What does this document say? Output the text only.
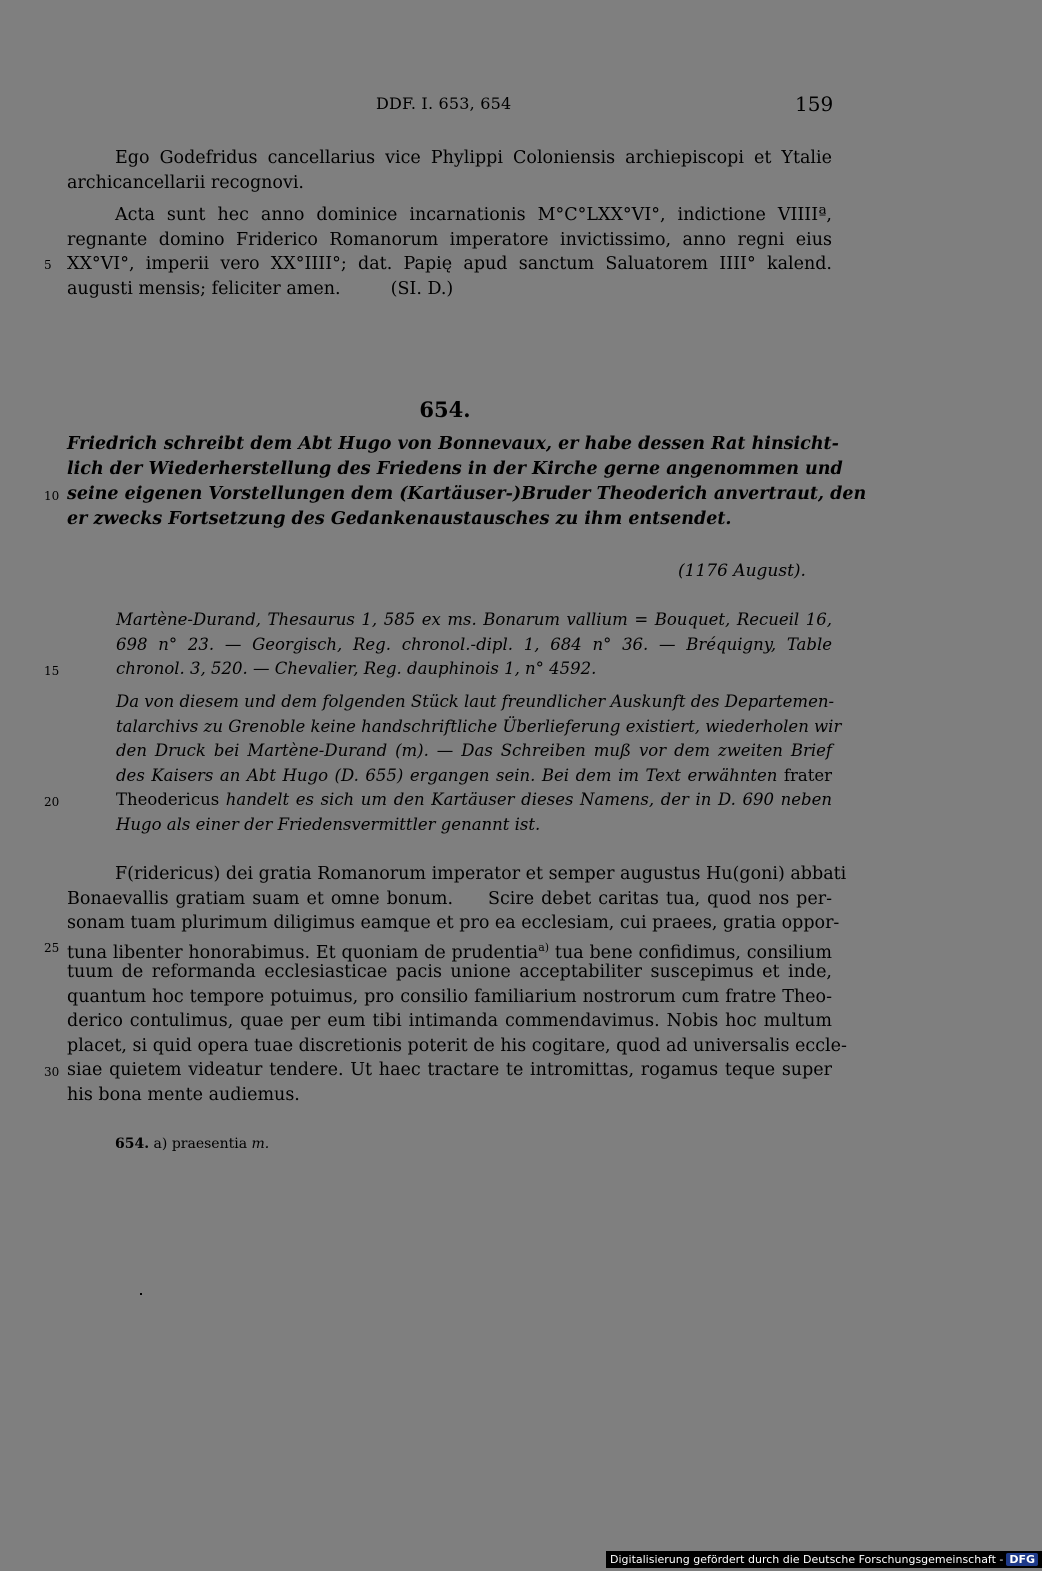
DDF. I. 653, 654	159
Ego Godefridus cancellarius vice Phylippi Coloniensis archiepiscopi et Ytalie
archicancellarii recognovi.
Acta sunt hec anno dominice incarnationis M°C°LXX°VI°, indictione VIIIIª,
regnante domino Friderico Romanorum imperatore invictissimo, anno regni eius
XX°VI°, imperii vero XX°IIII°; dat. Papię apud sanctum Saluatorem IIII° kalend.
augusti mensis; feliciter amen.         (SI. D.)
5
654.
Friedrich schreibt dem Abt Hugo von Bonnevaux, er habe dessen Rat hinsicht-
lich der Wiederherstellung des Friedens in der Kirche gerne angenommen und
seine eigenen Vorstellungen dem (Kartäuser-)Bruder Theoderich anvertraut, den
er zwecks Fortsetzung des Gedankenaustausches zu ihm entsendet.
10
(1176 August).
Martène-Durand, Thesaurus 1, 585 ex ms. Bonarum vallium = Bouquet, Recueil 16,
698 n° 23. — Georgisch, Reg. chronol.-dipl. 1, 684 n° 36. — Bréquigny, Table
chronol. 3, 520. — Chevalier, Reg. dauphinois 1, n° 4592.
15
Da von diesem und dem folgenden Stück laut freundlicher Auskunft des Departemen-
talarchivs zu Grenoble keine handschriftliche Überlieferung existiert, wiederholen wir
den Druck bei Martène-Durand (m). — Das Schreiben muß vor dem zweiten Brief
des Kaisers an Abt Hugo (D. 655) ergangen sein. Bei dem im Text erwähnten frater
Theodericus handelt es sich um den Kartäuser dieses Namens, der in D. 690 neben
Hugo als einer der Friedensvermittler genannt ist.
20
F(ridericus) dei gratia Romanorum imperator et semper augustus Hu(goni) abbati
Bonaevallis gratiam suam et omne bonum.     Scire debet caritas tua, quod nos per-
sonam tuam plurimum diligimus eamque et pro ea ecclesiam, cui praees, gratia oppor-
tuna libenter honorabimus. Et quoniam de prudentia$^{a)}$ tua bene confidimus, consilium
tuum de reformanda ecclesiasticae pacis unione acceptabiliter suscepimus et inde,
quantum hoc tempore potuimus, pro consilio familiarium nostrorum cum fratre Theo-
derico contulimus, quae per eum tibi intimanda commendavimus. Nobis hoc multum
placet, si quid opera tuae discretionis poterit de his cogitare, quod ad universalis eccle-
siae quietem videatur tendere. Ut haec tractare te intromittas, rogamus teque super
his bona mente audiemus.
25
30
654. a) praesentia m.
Digitalisierung gefördert durch die Deutsche Forschungsgemeinschaft - DFG
